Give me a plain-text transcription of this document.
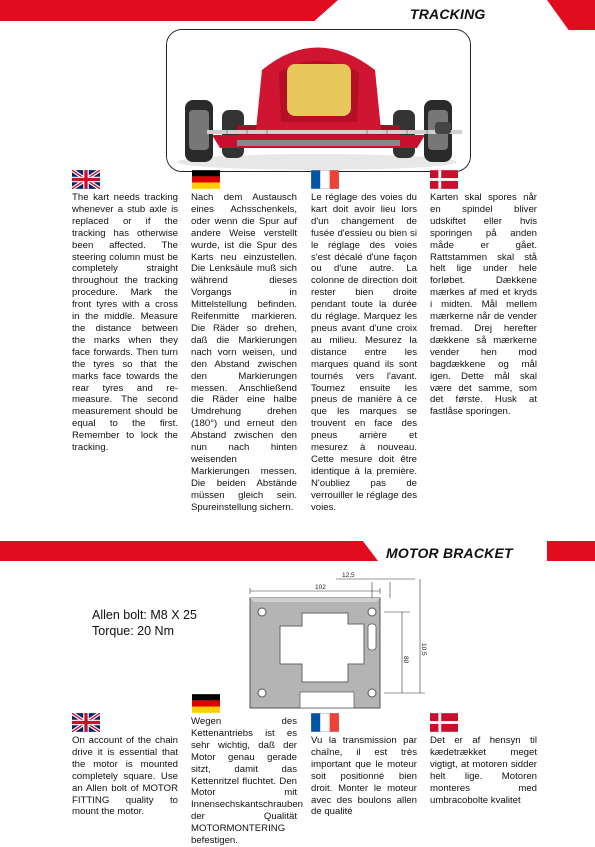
TRACKING
The kart needs tracking whenever a stub axle is replaced or if the tracking has otherwise been affected. The steering column must be completely straight throughout the tracking procedure. Mark the front tyres with a cross in the middle. Measure the distance between the marks when they face forwards. Then turn the tyres so that the marks face towards the rear tyres and re-measure. The second measurement should be equal to the first. Remember to lock the tracking.
Nach dem Austausch eines Achsschenkels, oder wenn die Spur auf andere Weise verstellt wurde, ist die Spur des Karts neu einzustellen. Die Lenksäule muß sich während dieses Vorgangs in Mittelstellung befinden. Reifenmitte markieren. Die Räder so drehen, daß die Markierungen nach vorn weisen, und den Abstand zwischen den Markierungen messen. Anschließend die Räder eine halbe Umdrehung drehen (180°) und erneut den Abstand zwischen den nun nach hinten weisenden Markierungen messen. Die beiden Abstände müssen gleich sein. Spureinstellung sichern.
Le réglage des voies du kart doit avoir lieu lors d'un changement de fusée d'essieu ou bien si le réglage des voies s'est décalé d'une façon ou d'une autre. La colonne de direction doit rester bien droite pendant toute la durée du réglage. Marquez les pneus avant d'une croix au milieu. Mesurez la distance entre les marques quand ils sont tournés vers l'avant. Tournez ensuite les pneus de manière à ce que les marques se trouvent en face des pneus arrière et mesurez à nouveau. Cette mesure doit être identique à la première. N'oubliez pas de verrouiller le réglage des voies.
Karten skal spores når en spindel bliver udskiftet eller hvis sporingen på anden måde er gået. Rattstammen skal stå helt lige under hele forløbet. Dækkene mærkes af med et kryds i midten. Mål mellem mærkerne når de vender fremad. Drej herefter dækkene så mærkerne vender hen mod bagdækkene og mål igen. Dette mål skal være det samme, som det første. Husk at fastlåse sporingen.
MOTOR BRACKET
Allen bolt: M8 X 25
Torque: 20 Nm
102
12,5
80
10,5
On account of the chain drive it is essential that the motor is mounted completely square. Use an Allen bolt of MOTOR FITTING quality to mount the motor.
Wegen des Kettenantriebs ist es sehr wichtig, daß der Motor genau gerade sitzt, damit das Kettenritzel fluchtet. Den Motor mit Innensechskantschrauben der Qualität MOTORMONTERING befestigen.
Vu la transmission par chaîne, il est très important que le moteur soit positionné bien droit. Monter le moteur avec des boulons allen de qualité
Det er af hensyn til kædetrækket meget vigtigt, at motoren sidder helt lige. Motoren monteres med umbracobolte kvalitet
